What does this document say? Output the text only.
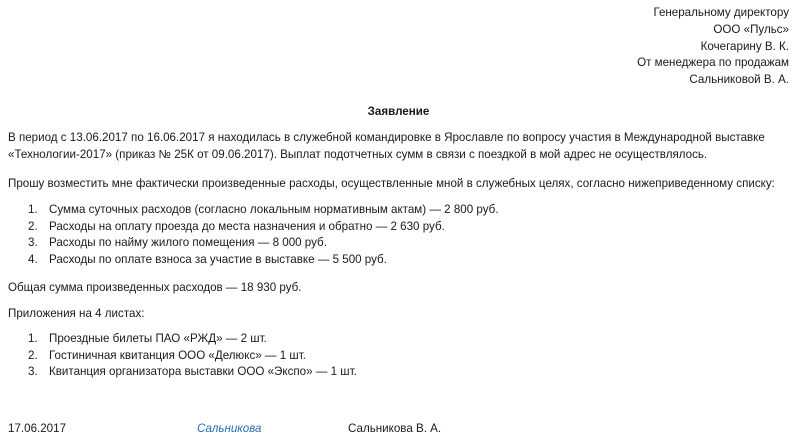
Генеральному директору
ООО «Пульс»
Кочегарину В. К.
От менеджера по продажам
Сальниковой В. А.
Заявление
В период с 13.06.2017 по 16.06.2017 я находилась в служебной командировке в Ярославле по вопросу участия в Международной выставке «Технологии-2017» (приказ № 25К от 09.06.2017). Выплат подотчетных сумм в связи с поездкой в мой адрес не осуществлялось.
Прошу возместить мне фактически произведенные расходы, осуществленные мной в служебных целях, согласно нижеприведенному списку:
1. Сумма суточных расходов (согласно локальным нормативным актам) — 2 800 руб.
2. Расходы на оплату проезда до места назначения и обратно — 2 630 руб.
3. Расходы по найму жилого помещения — 8 000 руб.
4. Расходы по оплате взноса за участие в выставке — 5 500 руб.
Общая сумма произведенных расходов — 18 930 руб.
Приложения на 4 листах:
1. Проездные билеты ПАО «РЖД» — 2 шт.
2. Гостиничная квитанция ООО «Делюкс» — 1 шт.
3. Квитанция организатора выставки ООО «Экспо» — 1 шт.
17.06.2017	Сальникова	Сальникова В. А.
